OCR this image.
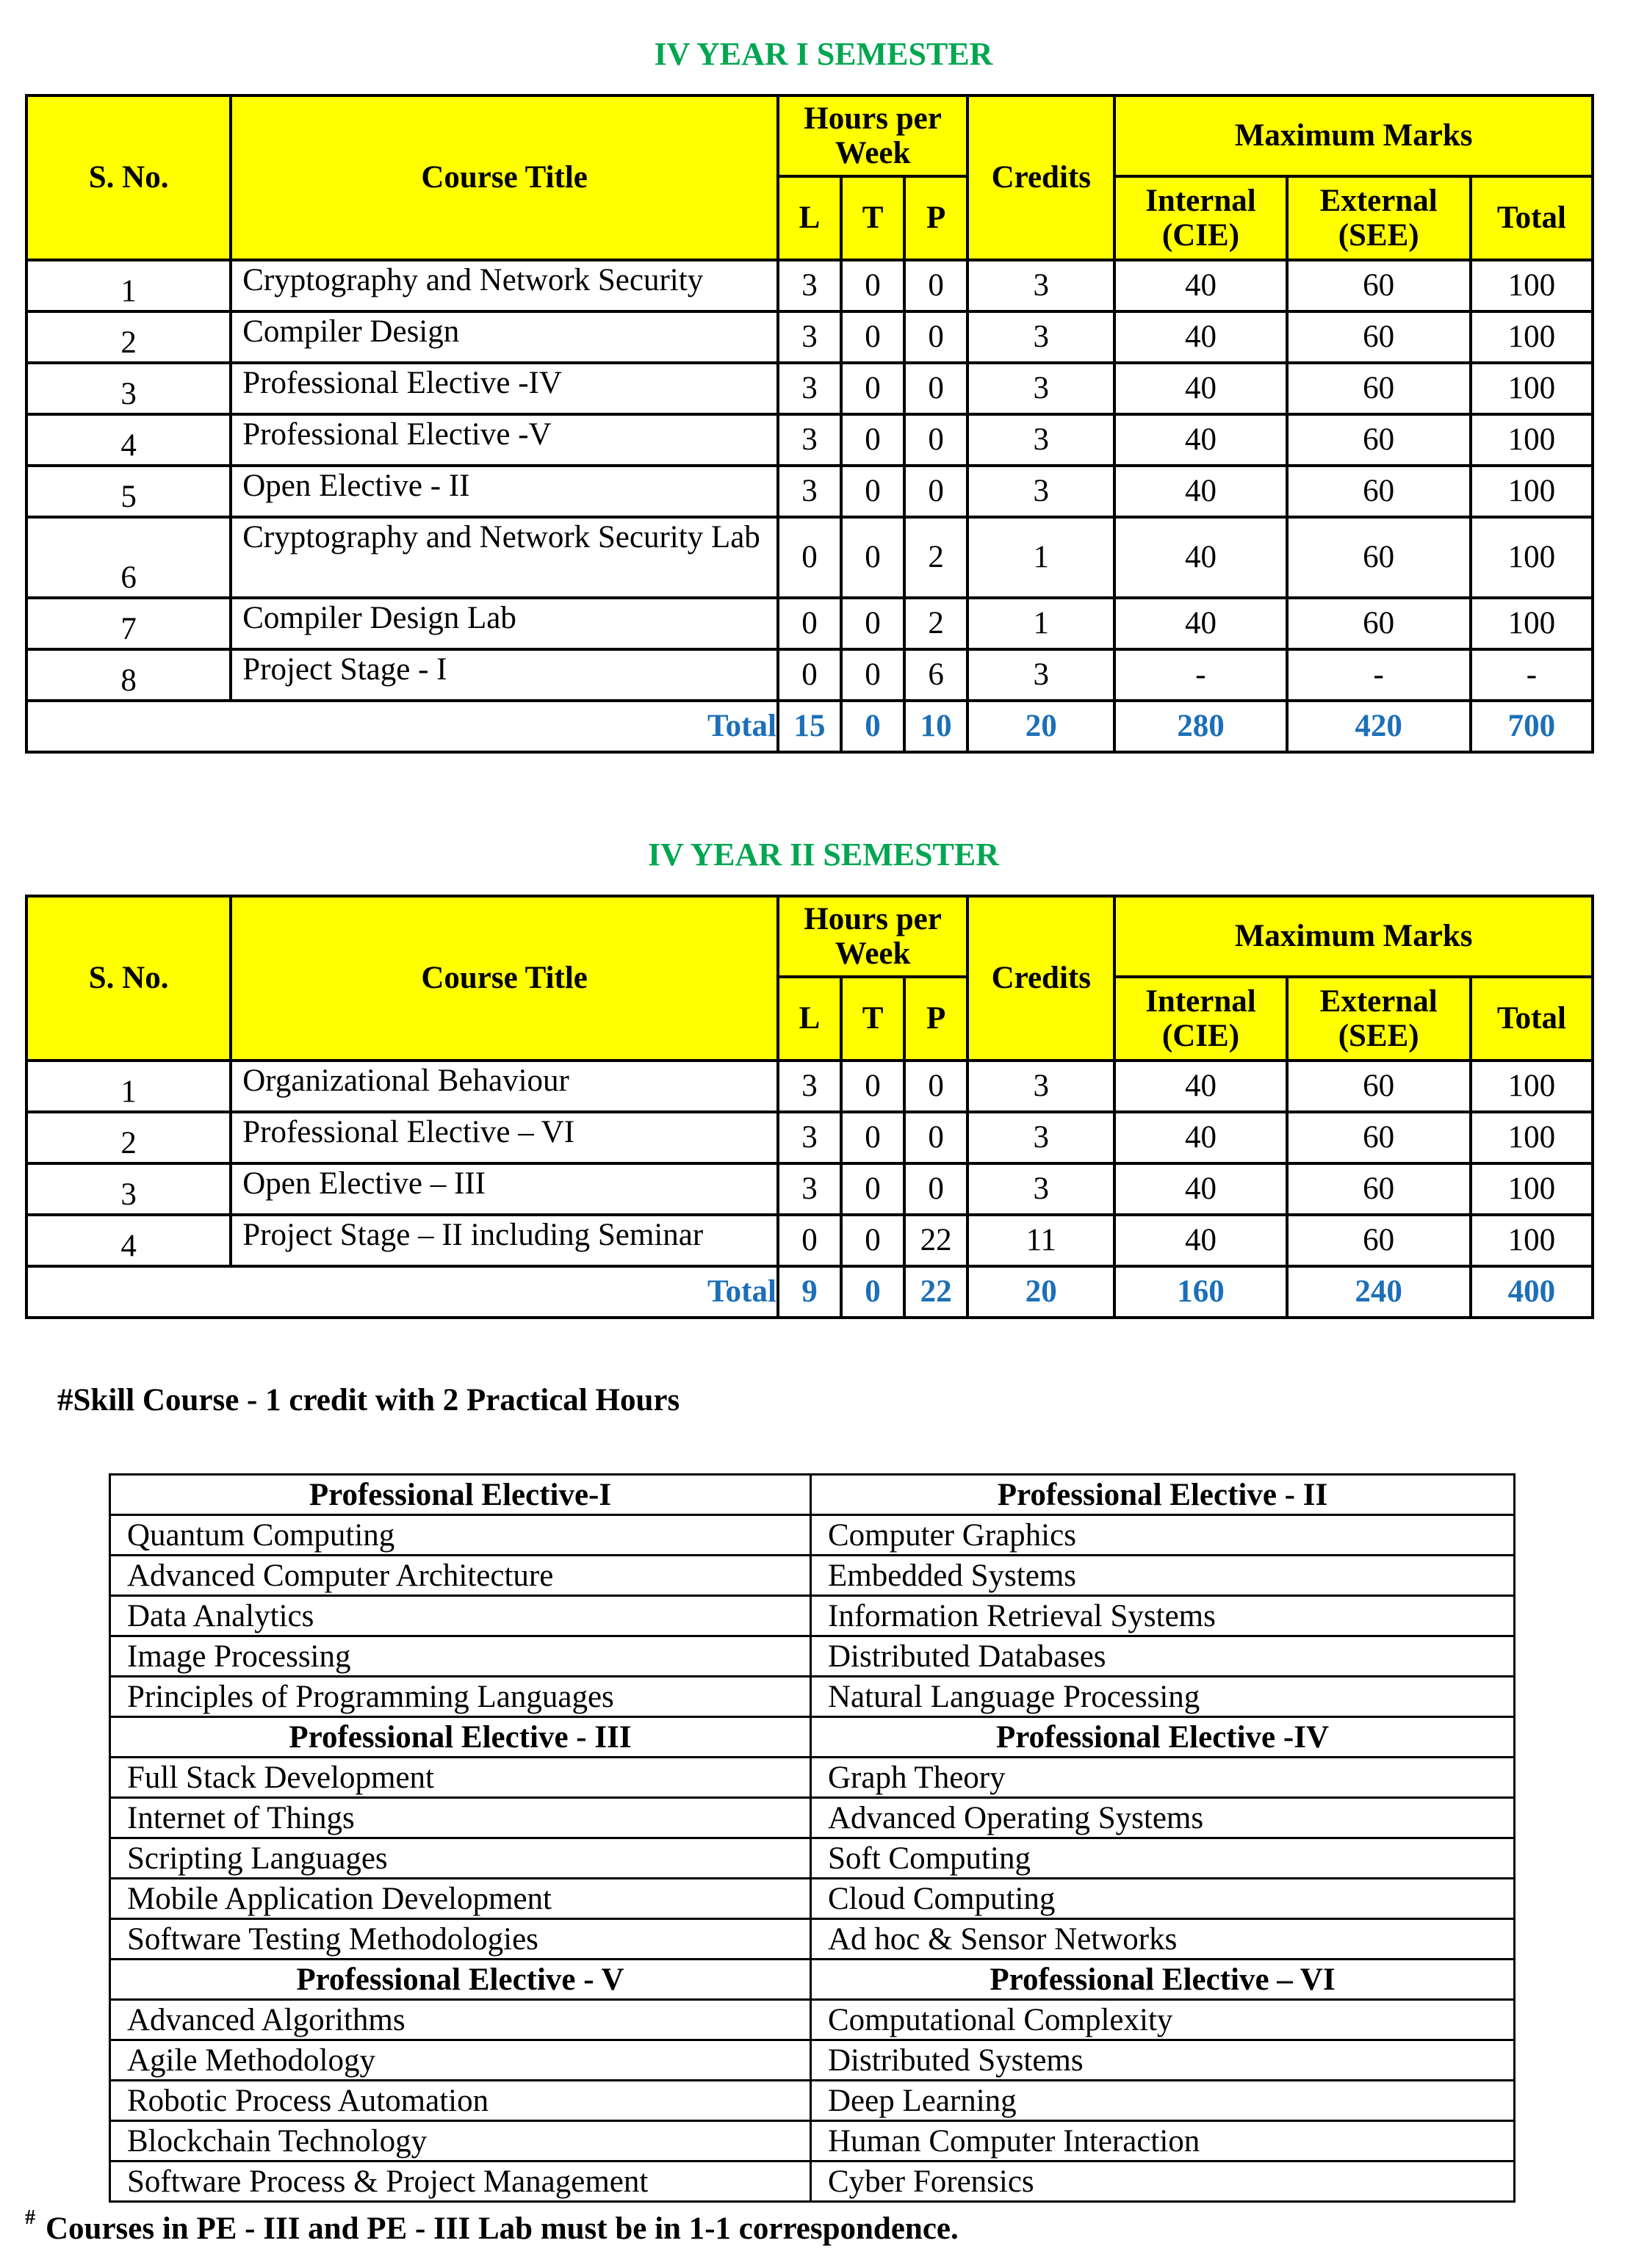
IV YEAR I SEMESTER
S. No.	Course Title	Hours per Week			Credits	Maximum Marks		
		L	T	P		Internal (CIE)	External (SEE)	Total
1	Cryptography and Network Security	3	0	0	3	40	60	100
2	Compiler Design	3	0	0	3	40	60	100
3	Professional Elective -IV	3	0	0	3	40	60	100
4	Professional Elective -V	3	0	0	3	40	60	100
5	Open Elective - II	3	0	0	3	40	60	100
6	Cryptography and Network Security Lab	0	0	2	1	40	60	100
7	Compiler Design Lab	0	0	2	1	40	60	100
8	Project Stage - I	0	0	6	3	-	-	-
Total		15	0	10	20	280	420	700
IV YEAR II SEMESTER
S. No.	Course Title	Hours per Week			Credits	Maximum Marks		
		L	T	P		Internal (CIE)	External (SEE)	Total
1	Organizational Behaviour	3	0	0	3	40	60	100
2	Professional Elective – VI	3	0	0	3	40	60	100
3	Open Elective – III	3	0	0	3	40	60	100
4	Project Stage – II including Seminar	0	0	22	11	40	60	100
Total		9	0	22	20	160	240	400
#Skill Course - 1 credit with 2 Practical Hours
Professional Elective-I	Professional Elective - II
Quantum Computing	Computer Graphics
Advanced Computer Architecture	Embedded Systems
Data Analytics	Information Retrieval Systems
Image Processing	Distributed Databases
Principles of Programming Languages	Natural Language Processing
Professional Elective - III	Professional Elective -IV
Full Stack Development	Graph Theory
Internet of Things	Advanced Operating Systems
Scripting Languages	Soft Computing
Mobile Application Development	Cloud Computing
Software Testing Methodologies	Ad hoc & Sensor Networks
Professional Elective - V	Professional Elective – VI
Advanced Algorithms	Computational Complexity
Agile Methodology	Distributed Systems
Robotic Process Automation	Deep Learning
Blockchain Technology	Human Computer Interaction
Software Process & Project Management	Cyber Forensics
# Courses in PE - III and PE - III Lab must be in 1-1 correspondence.
